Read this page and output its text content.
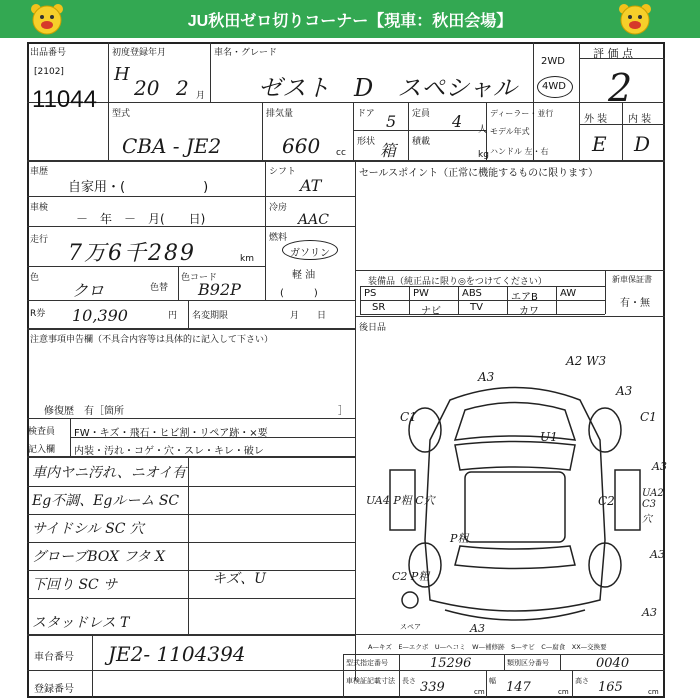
JU秋田ゼロ切りコーナー【現車：秋田会場】
出品番号
[2102]
11044
初度登録年月
H
20 2 月
車名・グレード
ゼスト　D　スペシャル
2WD
4WD
評 価 点
2
型式
CBA - JE2
排気量
660 cc
ドア 5 定員 4 人
形状 箱 積載
kg
ディーラー・並行
モデル年式
ハンドル 左・右
外 装 内 装
E D
車歴
自家用・(　　　　　　)
シフト
AT
車検
－　年　－　月(　　日)
冷房
AAC
走行
7万6千289	km
燃料
ガソリン
軽 油
(　　　)
色
クロ	色替
色コード
B92P
R券 10,390	円 名変期限	月　　日
注意事項申告欄（不具合内容等は具体的に記入して下さい）
修復歴　有［箇所	］
検査員
記入欄
FW・キズ・飛石・ヒビ割・リペア跡・×要
内装・汚れ・コゲ・穴・スレ・キレ・破レ
車内ヤニ汚れ、ニオイ有
Eg不調、Egルーム SC
サイドシル SC 穴
グローブBOX フタ X
下回り SC サ
スタッドレス T
キズ、U
セールスポイント（正常に機能するものに限ります）
装備品（純正品に限り◎をつけてください）
PS	PW	ABS	エアB AW
SR	ナビ	TV	カワ
新車保証書
有・無
後日品
A3
A2 W3
A3
C1
U1
C1
A3
C2
UA2 C3穴
UA4 P粗 C穴
P粗
C2 P粗
A3
A3
A3
スペア
A—キズ　E—エクボ　U—ヘコミ　W—補修跡　S—サビ　C—腐食　XX—交換要
車台番号 JE2- 1104394
登録番号
型式指定番号	15296	類別区分番号	0040
車検証記載寸法 長さ 339	cm
幅 147	cm
高さ 165	cm
